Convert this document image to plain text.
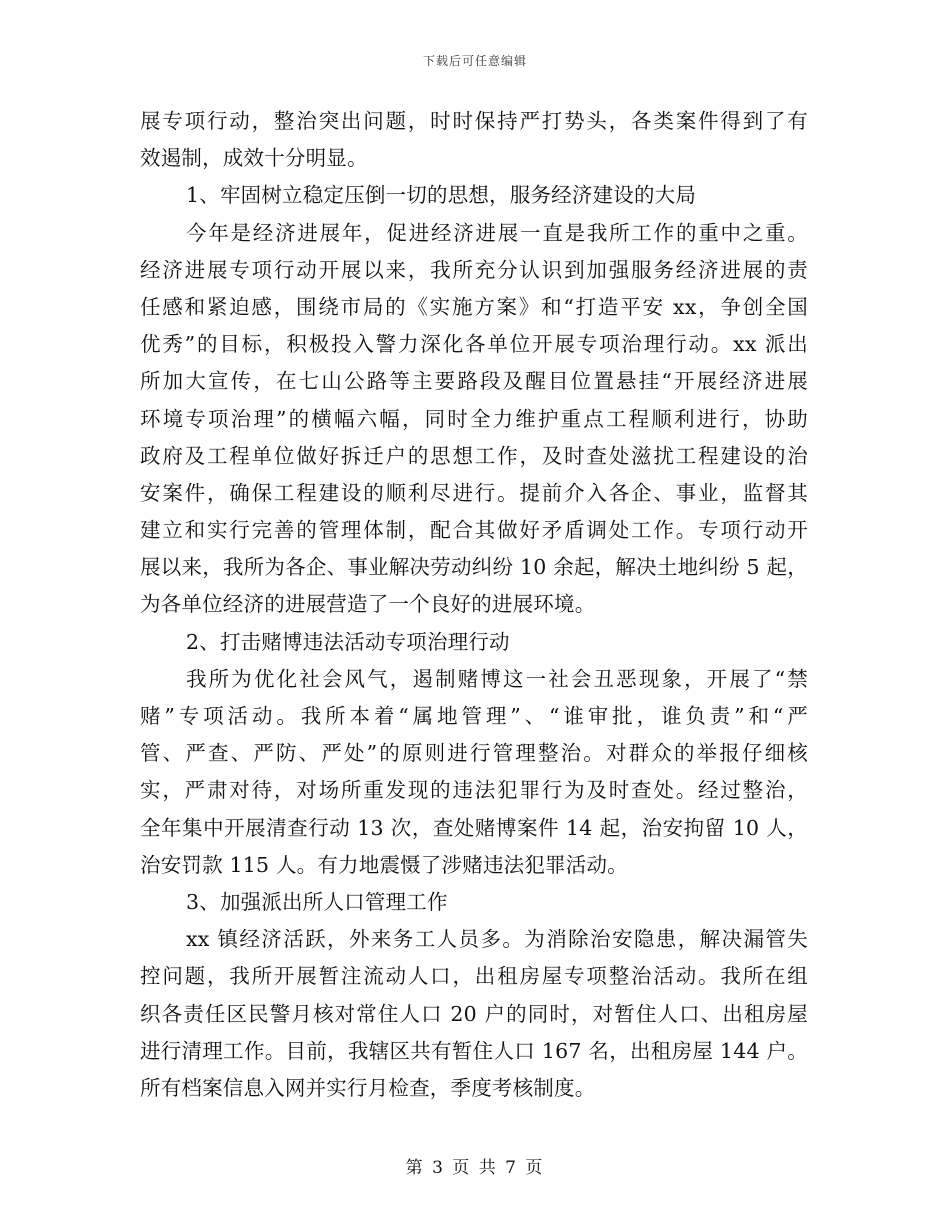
下载后可任意编辑
展专项行动，整治突出问题，时时保持严打势头，各类案件得到了有
效遏制，成效十分明显。
1、牢固树立稳定压倒一切的思想，服务经济建设的大局
今年是经济进展年，促进经济进展一直是我所工作的重中之重。
经济进展专项行动开展以来，我所充分认识到加强服务经济进展的责
任感和紧迫感，围绕市局的《实施方案》和“打造平安 xx，争创全国
优秀”的目标，积极投入警力深化各单位开展专项治理行动。xx 派出
所加大宣传，在七山公路等主要路段及醒目位置悬挂“开展经济进展
环境专项治理”的横幅六幅，同时全力维护重点工程顺利进行，协助
政府及工程单位做好拆迁户的思想工作，及时查处滋扰工程建设的治
安案件，确保工程建设的顺利尽进行。提前介入各企、事业，监督其
建立和实行完善的管理体制，配合其做好矛盾调处工作。专项行动开
展以来，我所为各企、事业解决劳动纠纷 10 余起，解决土地纠纷 5 起，
为各单位经济的进展营造了一个良好的进展环境。
2、打击赌博违法活动专项治理行动
我所为优化社会风气，遏制赌博这一社会丑恶现象，开展了“禁
赌”专项活动。我所本着“属地管理”、“谁审批，谁负责”和“严
管、严查、严防、严处”的原则进行管理整治。对群众的举报仔细核
实，严肃对待，对场所重发现的违法犯罪行为及时查处。经过整治，
全年集中开展清查行动 13 次，查处赌博案件 14 起，治安拘留 10 人，
治安罚款 115 人。有力地震慑了涉赌违法犯罪活动。
3、加强派出所人口管理工作
xx 镇经济活跃，外来务工人员多。为消除治安隐患，解决漏管失
控问题，我所开展暂注流动人口，出租房屋专项整治活动。我所在组
织各责任区民警月核对常住人口 20 户的同时，对暂住人口、出租房屋
进行清理工作。目前，我辖区共有暂住人口 167 名，出租房屋 144 户。
所有档案信息入网并实行月检查，季度考核制度。
第 3 页 共 7 页
